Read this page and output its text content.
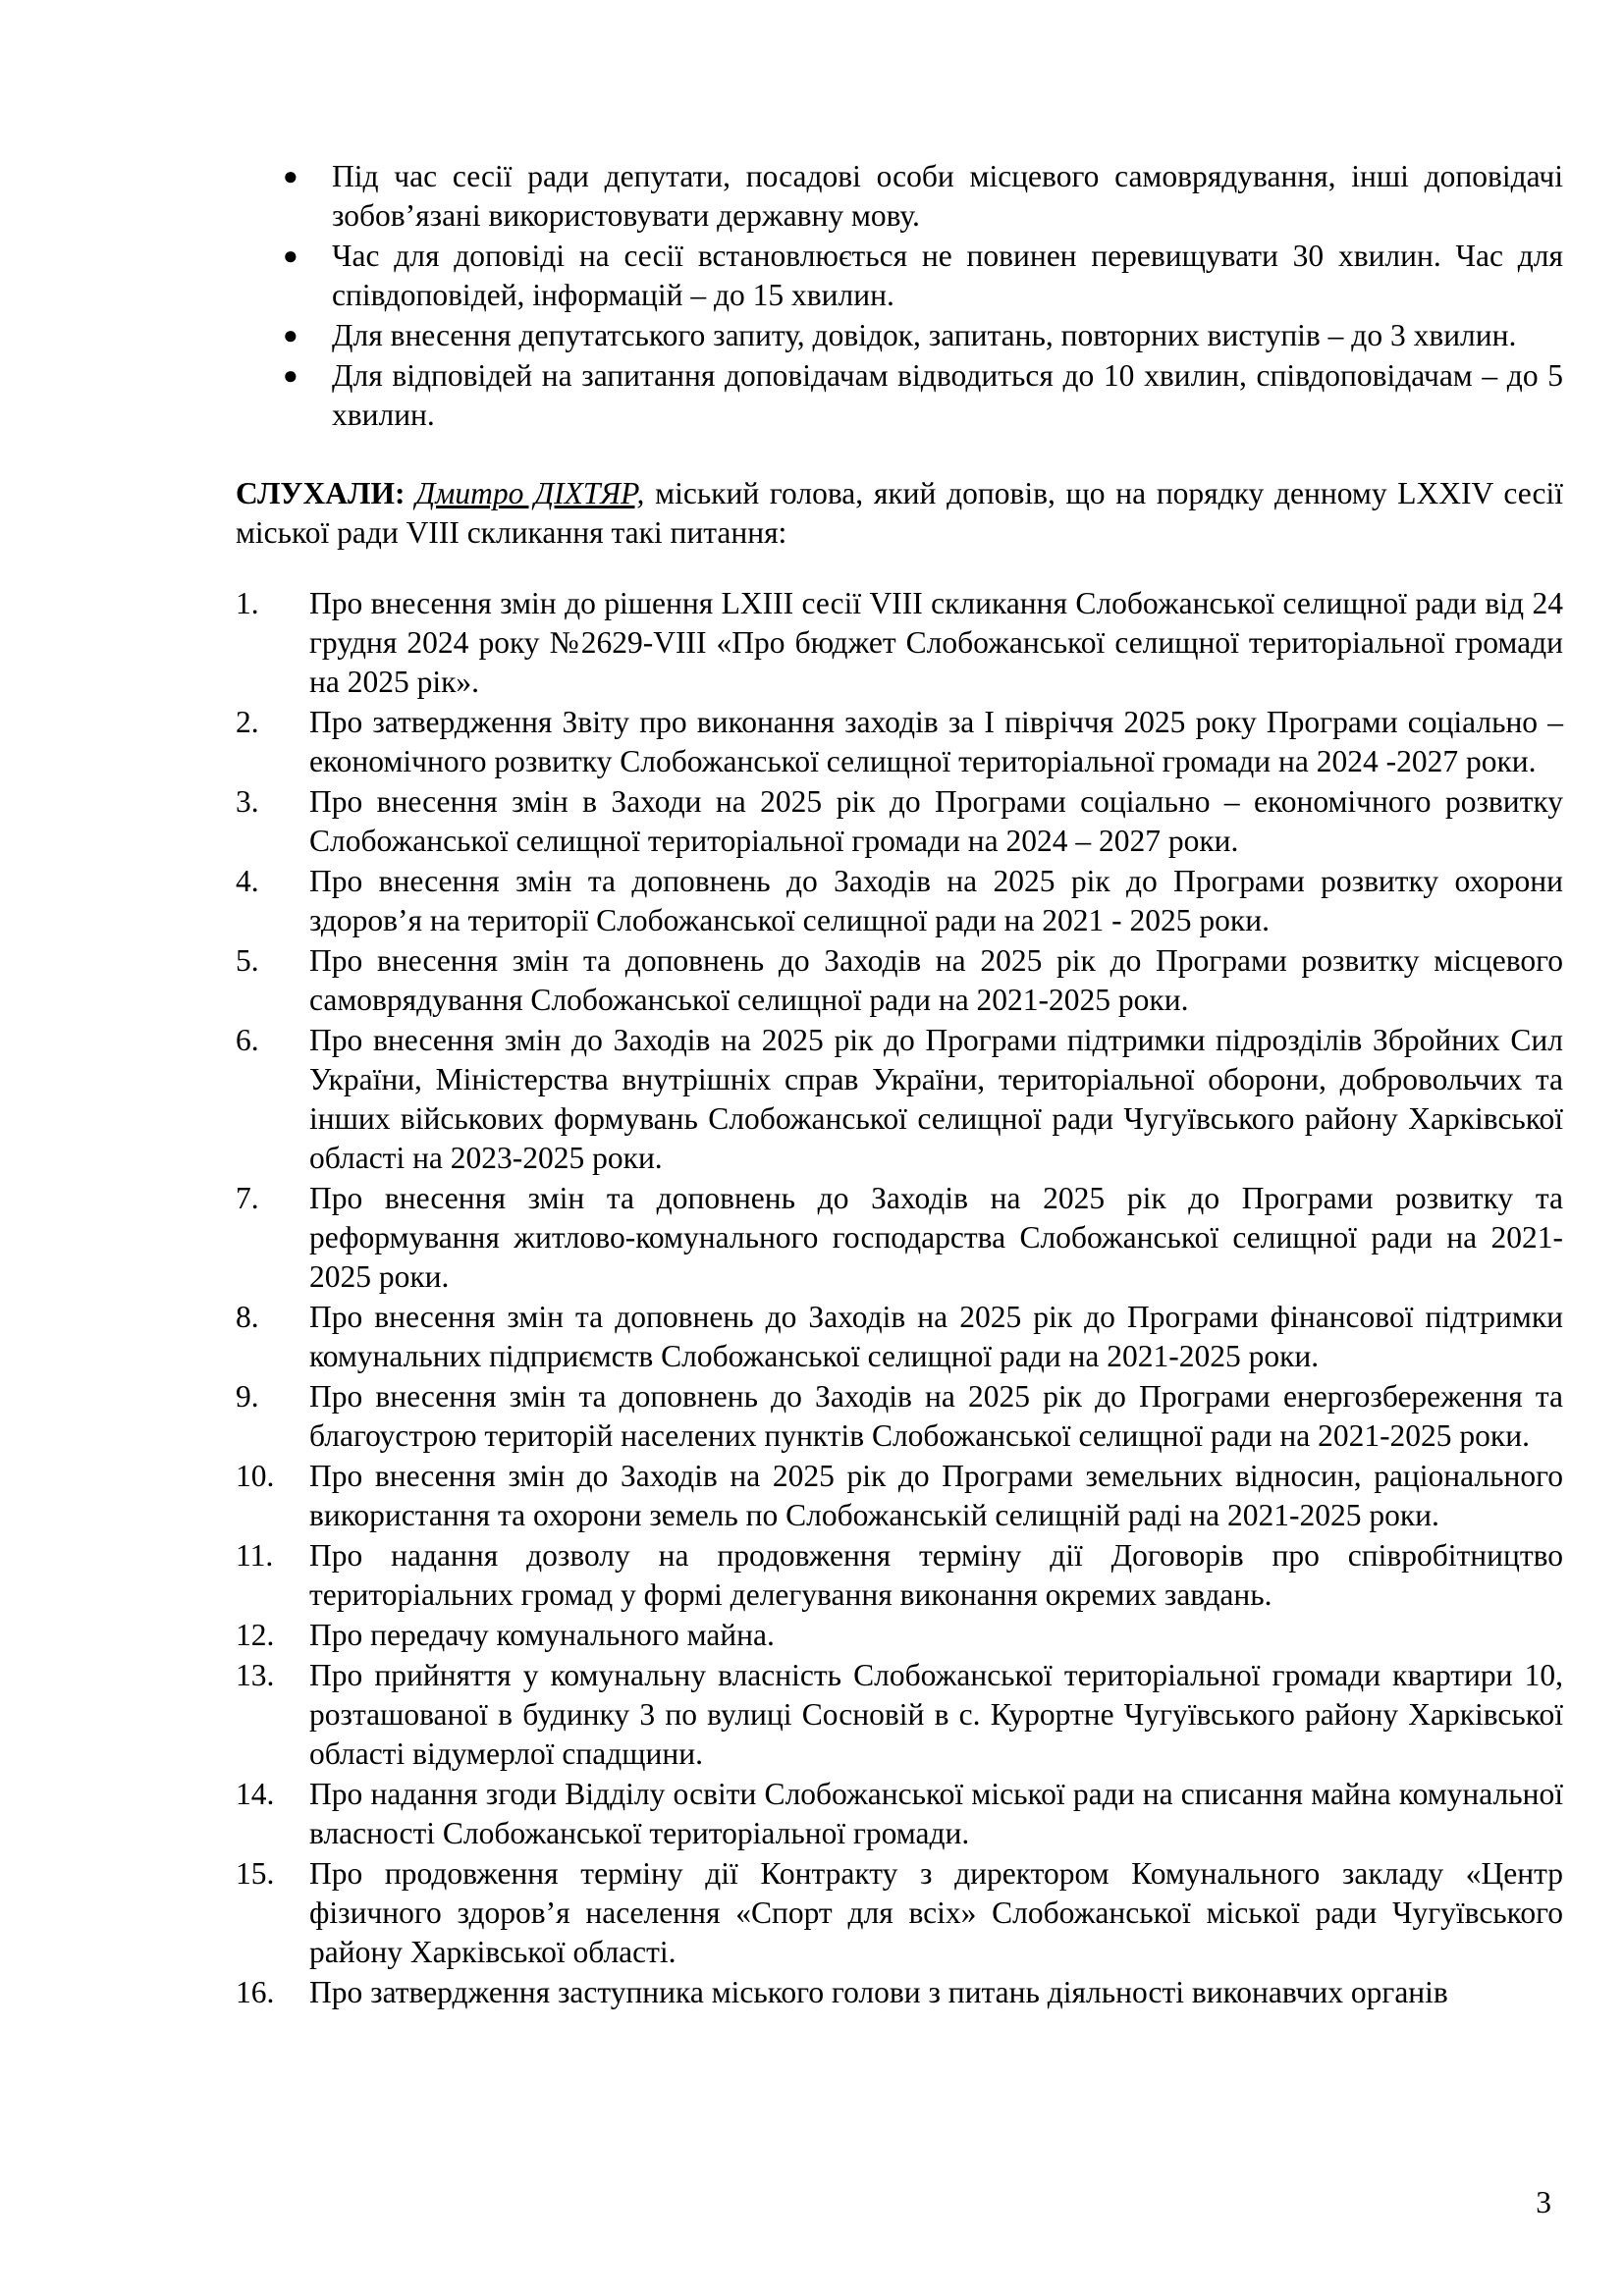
● Під час сесії ради депутати, посадові особи місцевого самоврядування, інші доповідачі зобов’язані використовувати державну мову.
● Час для доповіді на сесії встановлюється не повинен перевищувати 30 хвилин. Час для співдоповідей, інформацій – до 15 хвилин.
● Для внесення депутатського запиту, довідок, запитань, повторних виступів – до 3 хвилин.
● Для відповідей на запитання доповідачам відводиться до 10 хвилин, співдоповідачам – до 5 хвилин.

СЛУХАЛИ: Дмитро ДІХТЯР, міський голова, який доповів, що на порядку денному LXXIV сесії міської ради VIII скликання такі питання:

1.	Про внесення змін до рішення LXIII сесії VIII скликання Слобожанської селищної ради від 24 грудня 2024 року №2629-VIII «Про бюджет Слобожанської селищної територіальної громади на 2025 рік».
2.	Про затвердження Звіту про виконання заходів за І півріччя 2025 року Програми соціально – економічного розвитку Слобожанської селищної територіальної громади на 2024 -2027 роки.
3.	Про внесення змін в Заходи на 2025 рік до Програми соціально – економічного розвитку Слобожанської селищної територіальної громади на 2024 – 2027 роки.
4.	Про внесення змін та доповнень до Заходів на 2025 рік до Програми розвитку охорони здоров’я на території Слобожанської селищної ради на 2021 - 2025 роки.
5.	Про внесення змін та доповнень до Заходів на 2025 рік до Програми розвитку місцевого самоврядування Слобожанської селищної ради на 2021-2025 роки.
6.	Про внесення змін до Заходів на 2025 рік до Програми підтримки підрозділів Збройних Сил України, Міністерства внутрішніх справ України, територіальної оборони, добровольчих та інших військових формувань Слобожанської селищної ради Чугуївського району Харківської області на 2023-2025 роки.
7.	Про внесення змін та доповнень до Заходів на 2025 рік до Програми розвитку та реформування житлово-комунального господарства Слобожанської селищної ради на 2021-2025 роки.
8.	Про внесення змін та доповнень до Заходів на 2025 рік до Програми фінансової підтримки комунальних підприємств Слобожанської селищної ради на 2021-2025 роки.
9.	Про внесення змін та доповнень до Заходів на 2025 рік до Програми енергозбереження та благоустрою територій населених пунктів Слобожанської селищної ради на 2021-2025 роки.
10.	Про внесення змін до Заходів на 2025 рік до Програми земельних відносин, раціонального використання та охорони земель по Слобожанській селищній раді на 2021-2025 роки.
11.	Про надання дозволу на продовження терміну дії Договорів про співробітництво територіальних громад у формі делегування виконання окремих завдань.
12.	Про передачу комунального майна.
13.	Про прийняття у комунальну власність Слобожанської територіальної громади квартири 10, розташованої в будинку 3 по вулиці Сосновій в с. Курортне Чугуївського району Харківської області відумерлої спадщини.
14.	Про надання згоди Відділу освіти Слобожанської міської ради на списання майна комунальної власності Слобожанської територіальної громади.
15.	Про продовження терміну дії Контракту з директором Комунального закладу «Центр фізичного здоров’я населення «Спорт для всіх» Слобожанської міської ради Чугуївського району Харківської області.
16.	Про затвердження заступника міського голови з питань діяльності виконавчих органів
3
